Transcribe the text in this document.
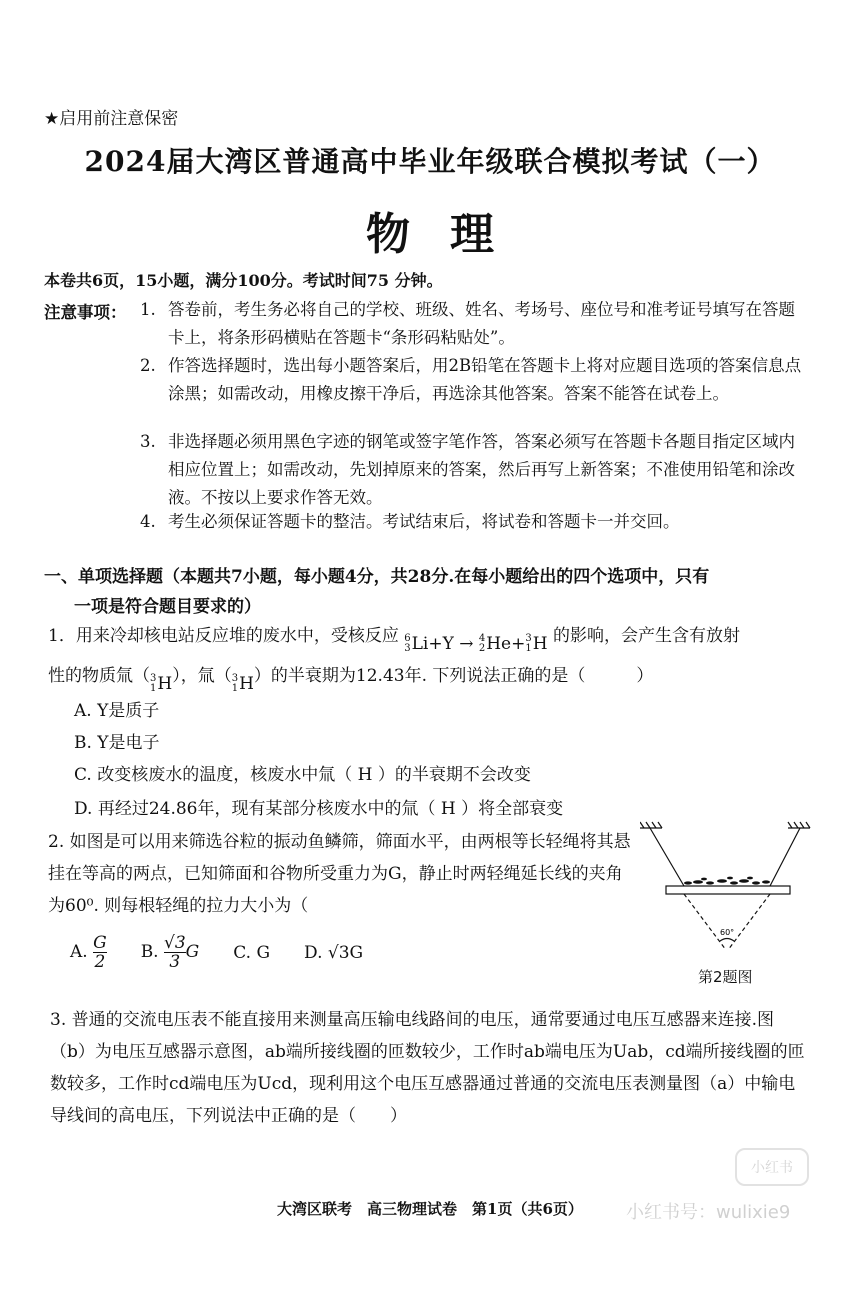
★启用前注意保密
2024届大湾区普通高中毕业年级联合模拟考试（一）
物理
本卷共6页，15小题，满分100分。考试时间75 分钟。
注意事项： 1. 答卷前，考生务必将自己的学校、班级、姓名、考场号、座位号和准考证号填写在答题卡上，将条形码横贴在答题卡“条形码粘贴处”。
2. 作答选择题时，选出每小题答案后，用2B铅笔在答题卡上将对应题目选项的答案信息点涂黑；如需改动，用橡皮擦干净后，再选涂其他答案。答案不能答在试卷上。
3. 非选择题必须用黑色字迹的钢笔或签字笔作答，答案必须写在答题卡各题目指定区域内相应位置上；如需改动，先划掉原来的答案，然后再写上新答案；不准使用铅笔和涂改液。不按以上要求作答无效。
4. 考生必须保证答题卡的整洁。考试结束后，将试卷和答题卡一并交回。
一、单项选择题（本题共7小题，每小题4分，共28分.在每小题给出的四个选项中，只有
一项是符合题目要求的）
1．用来冷却核电站反应堆的废水中，受核反应 6
3 Li+Y → 4
2 He+ 3
1 H 的影响，会产生含有放射
性的物质氚（ 3
1 H），氚（ 3
1 H）的半衰期为12.43年. 下列说法正确的是（　　　）
A. Y是质子
B. Y是电子
C. 改变核废水的温度，核废水中氚（ H ）的半衰期不会改变
D. 再经过24.86年，现有某部分核废水中的氚（ H ）将全部衰变
2. 如图是可以用来筛选谷粒的振动鱼鳞筛，筛面水平，由两根等长轻绳将其悬挂在等高的两点，已知筛面和谷物所受重力为G，静止时两轻绳延长线的夹角为60⁰. 则每根轻绳的拉力大小为（
A. $\frac{G}{2} B$. $\frac{√3}{3}$ G C. G D. √3G
60°
第2题图
3. 普通的交流电压表不能直接用来测量高压输电线路间的电压，通常要通过电压互感器来连接.图（b）为电压互感器示意图，ab端所接线圈的匝数较少，工作时ab端电压为Uab，cd端所接线圈的匝数较多，工作时cd端电压为Ucd，现利用这个电压互感器通过普通的交流电压表测量图（a）中输电导线间的高电压，下列说法中正确的是（　　）
大湾区联考　高三物理试卷　第1页（共6页）
小红书
小红书号：wulixie9
